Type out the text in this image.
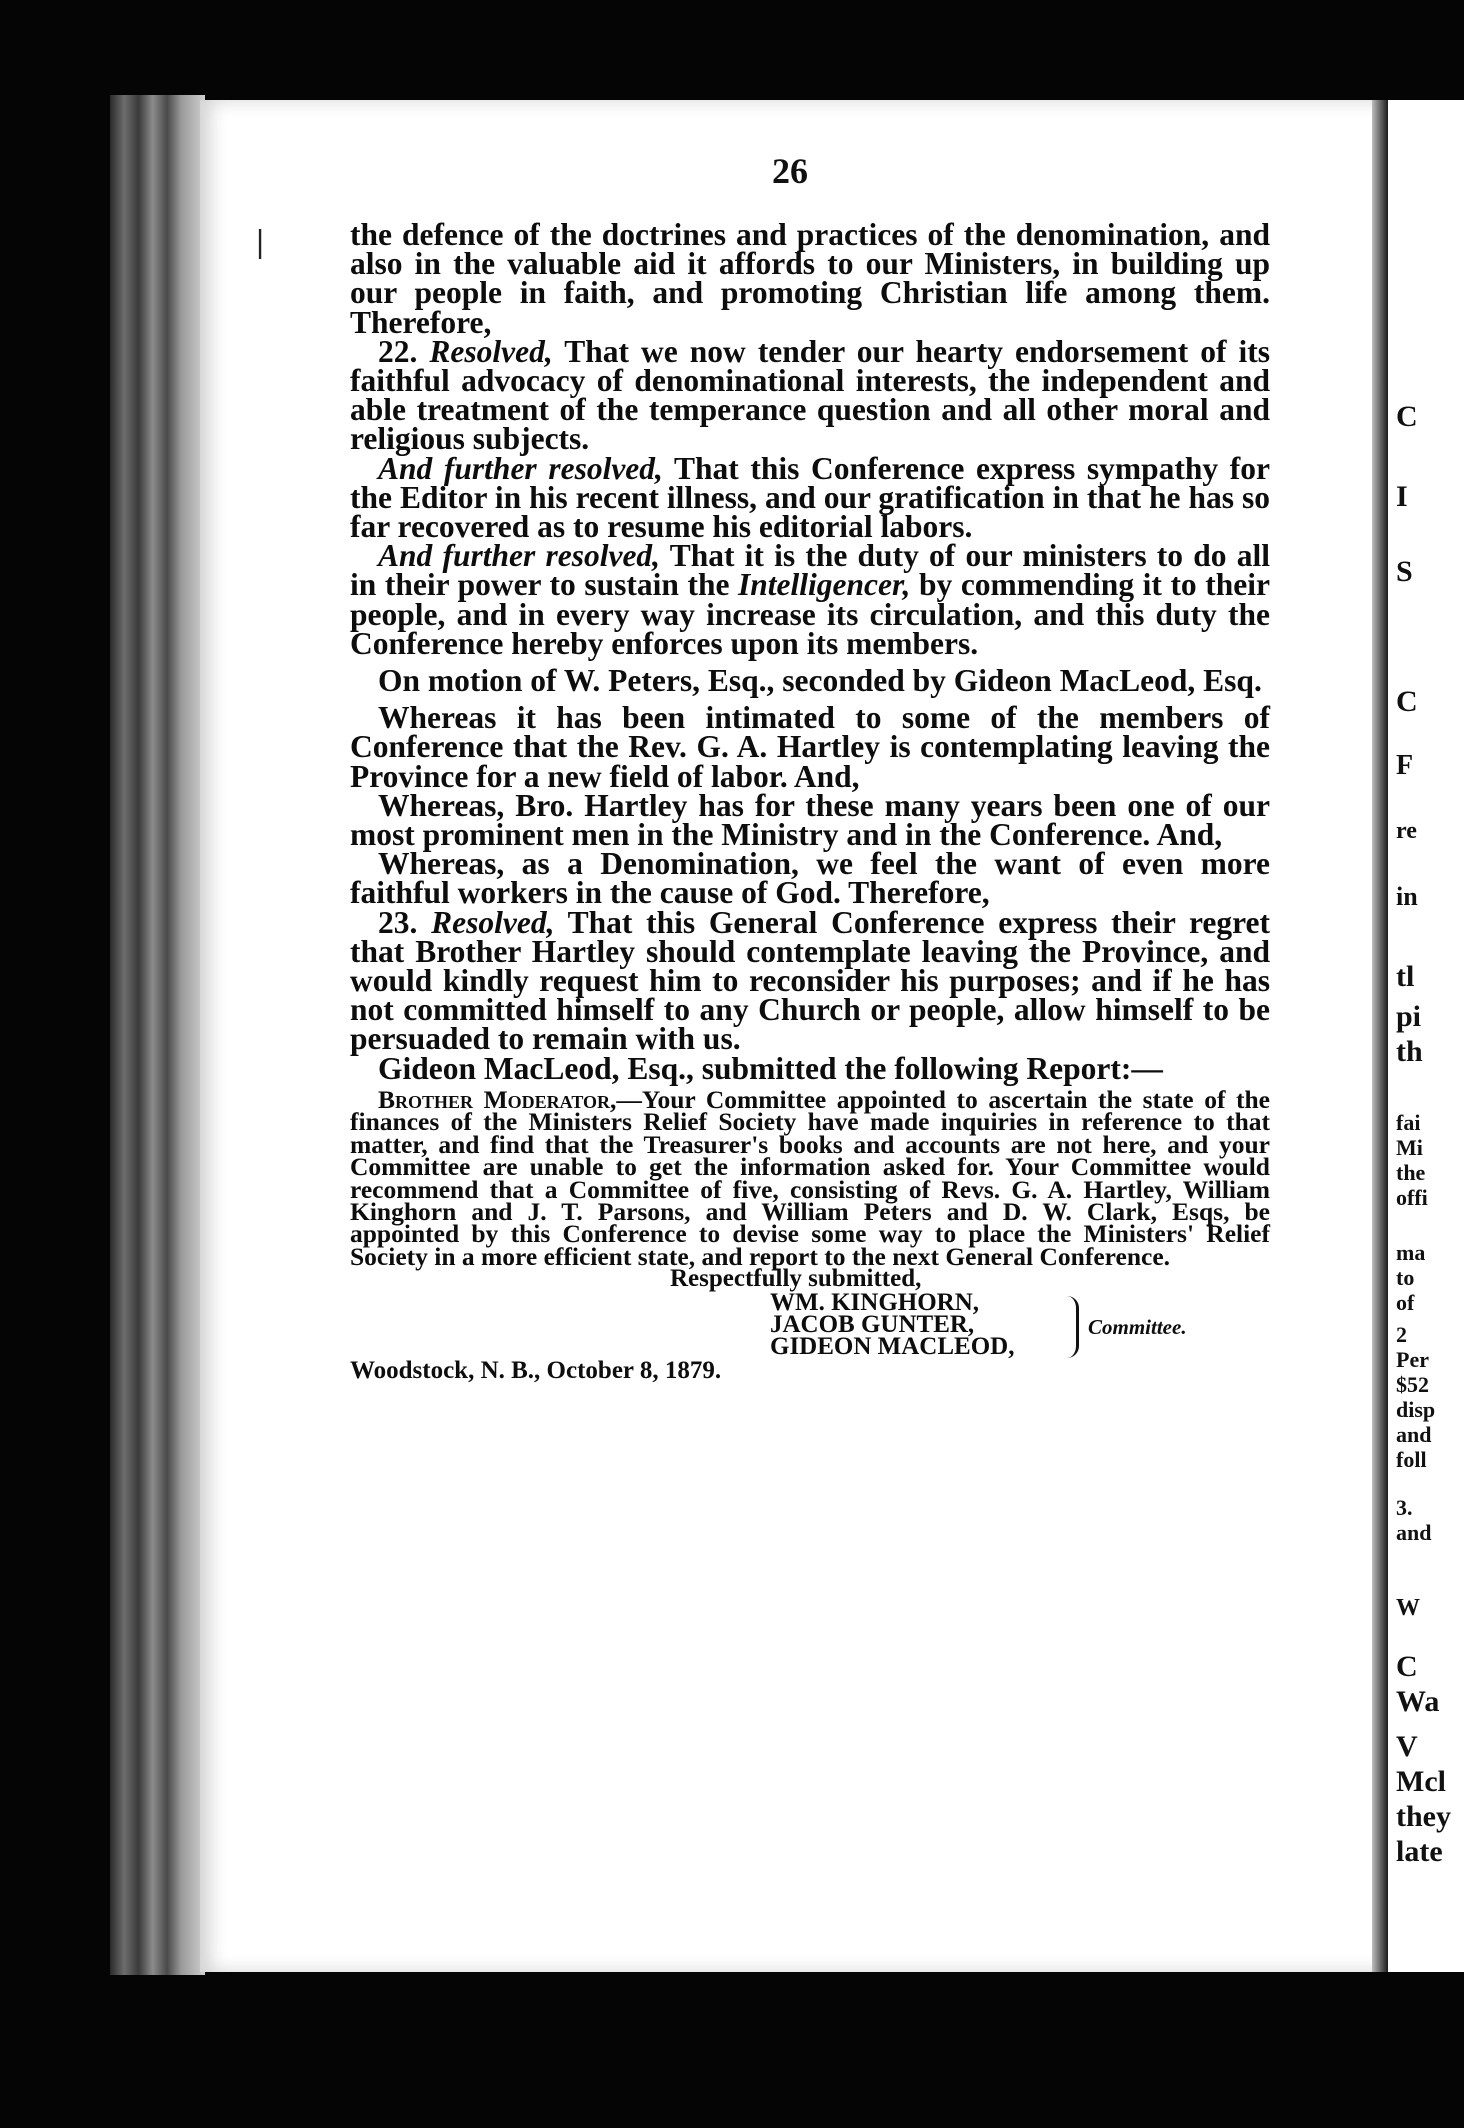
26

the defence of the doctrines and practices of the denomination, and also in the valuable aid it affords to our Ministers, in building up our people in faith, and promoting Christian life among them. Therefore,

22. Resolved, That we now tender our hearty endorsement of its faithful advocacy of denominational interests, the independent and able treatment of the temperance question and all other moral and religious subjects.

And further resolved, That this Conference express sympathy for the Editor in his recent illness, and our gratification in that he has so far recovered as to resume his editorial labors.

And further resolved, That it is the duty of our ministers to do all in their power to sustain the Intelligencer, by commending it to their people, and in every way increase its circulation, and this duty the Conference hereby enforces upon its members.

On motion of W. Peters, Esq., seconded by Gideon MacLeod, Esq.

Whereas it has been intimated to some of the members of Conference that the Rev. G. A. Hartley is contemplating leaving the Province for a new field of labor. And,

Whereas, Bro. Hartley has for these many years been one of our most prominent men in the Ministry and in the Conference. And,

Whereas, as a Denomination, we feel the want of even more faithful workers in the cause of God. Therefore,

23. Resolved, That this General Conference express their regret that Brother Hartley should contemplate leaving the Province, and would kindly request him to reconsider his purposes; and if he has not committed himself to any Church or people, allow himself to be persuaded to remain with us.

Gideon MacLeod, Esq., submitted the following Report:—

Brother Moderator,—Your Committee appointed to ascertain the state of the finances of the Ministers Relief Society have made inquiries in reference to that matter, and find that the Treasurer's books and accounts are not here, and your Committee are unable to get the information asked for. Your Committee would recommend that a Committee of five, consisting of Revs. G. A. Hartley, William Kinghorn and J. T. Parsons, and William Peters and D. W. Clark, Esqs, be appointed by this Conference to devise some way to place the Ministers' Relief Society in a more efficient state, and report to the next General Conference.

Respectfully submitted,
WM. KINGHORN,
JACOB GUNTER,
GIDEON MACLEOD,
Committee.
Woodstock, N. B., October 8, 1879.
|
C
I
S
C
F
re
in
tl
pi
th
fai
Mi
the
offi
ma
to
of
2
Per
$52
disp
and
foll
3.
and
W
C
Wa
V
Mcl
they
late
